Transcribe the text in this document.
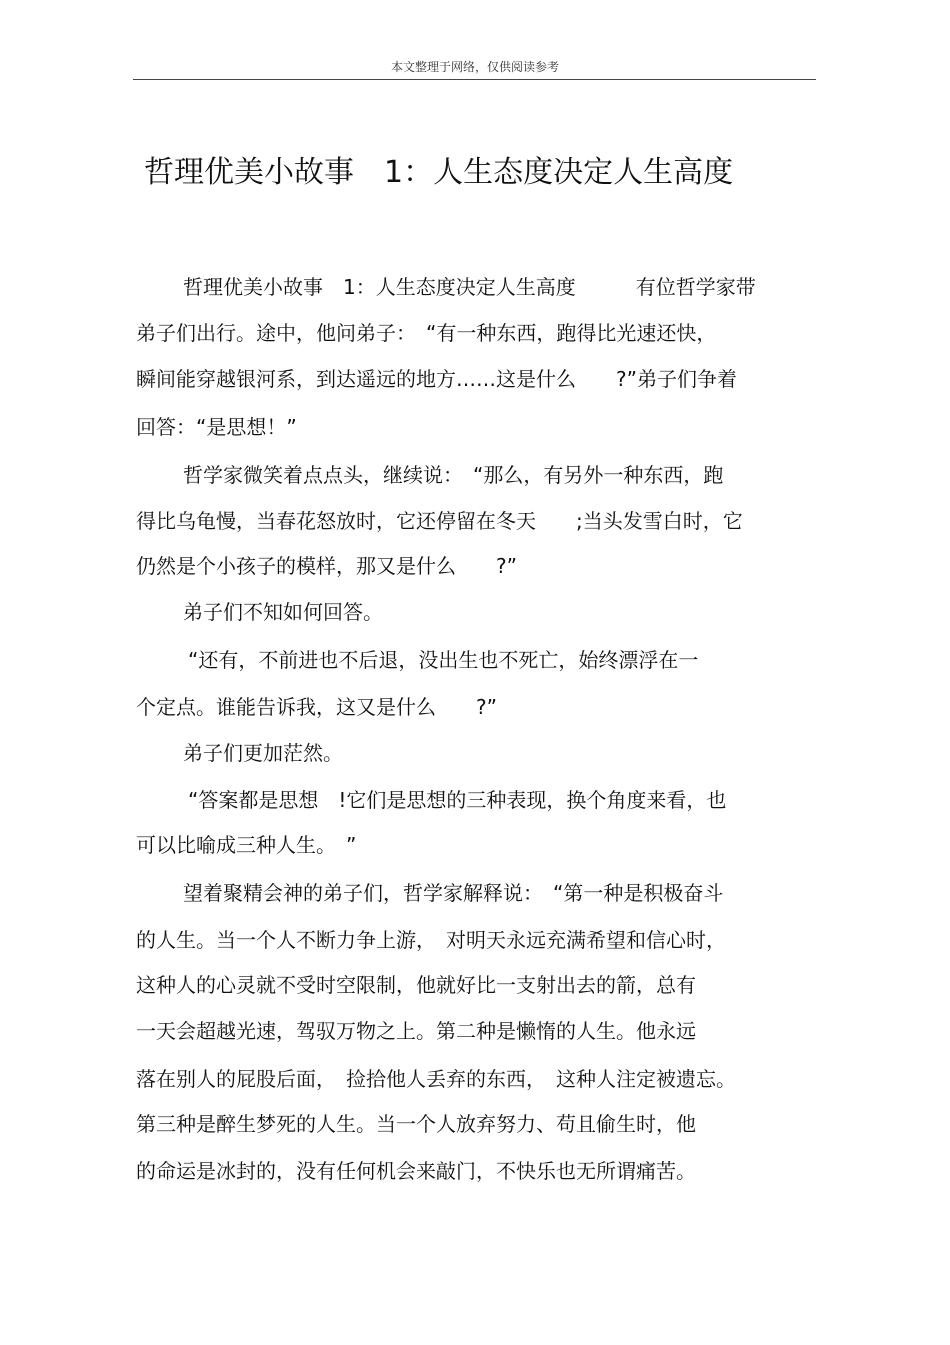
本文整理于网络，仅供阅读参考
哲理优美小故事　1：人生态度决定人生高度
哲理优美小故事　1：人生态度决定人生高度　　　有位哲学家带
弟子们出行。途中，他问弟子：　“有一种东西，跑得比光速还快，
瞬间能穿越银河系，到达遥远的地方……这是什么　　?”弟子们争着
回答：“是思想！”
哲学家微笑着点点头，继续说：　“那么，有另外一种东西，跑
得比乌龟慢，当春花怒放时，它还停留在冬天　　;当头发雪白时，它
仍然是个小孩子的模样，那又是什么　　?”
弟子们不知如何回答。
“还有，不前进也不后退，没出生也不死亡，始终漂浮在一
个定点。谁能告诉我，这又是什么　　?”
弟子们更加茫然。
“答案都是思想　!它们是思想的三种表现，换个角度来看，也
可以比喻成三种人生。　”
望着聚精会神的弟子们，哲学家解释说：　“第一种是积极奋斗
的人生。当一个人不断力争上游，　对明天永远充满希望和信心时，
这种人的心灵就不受时空限制，他就好比一支射出去的箭，总有
一天会超越光速，驾驭万物之上。第二种是懒惰的人生。他永远
落在别人的屁股后面，　捡拾他人丢弃的东西，　这种人注定被遗忘。
第三种是醉生梦死的人生。当一个人放弃努力、苟且偷生时，他
的命运是冰封的，没有任何机会来敲门，不快乐也无所谓痛苦。
